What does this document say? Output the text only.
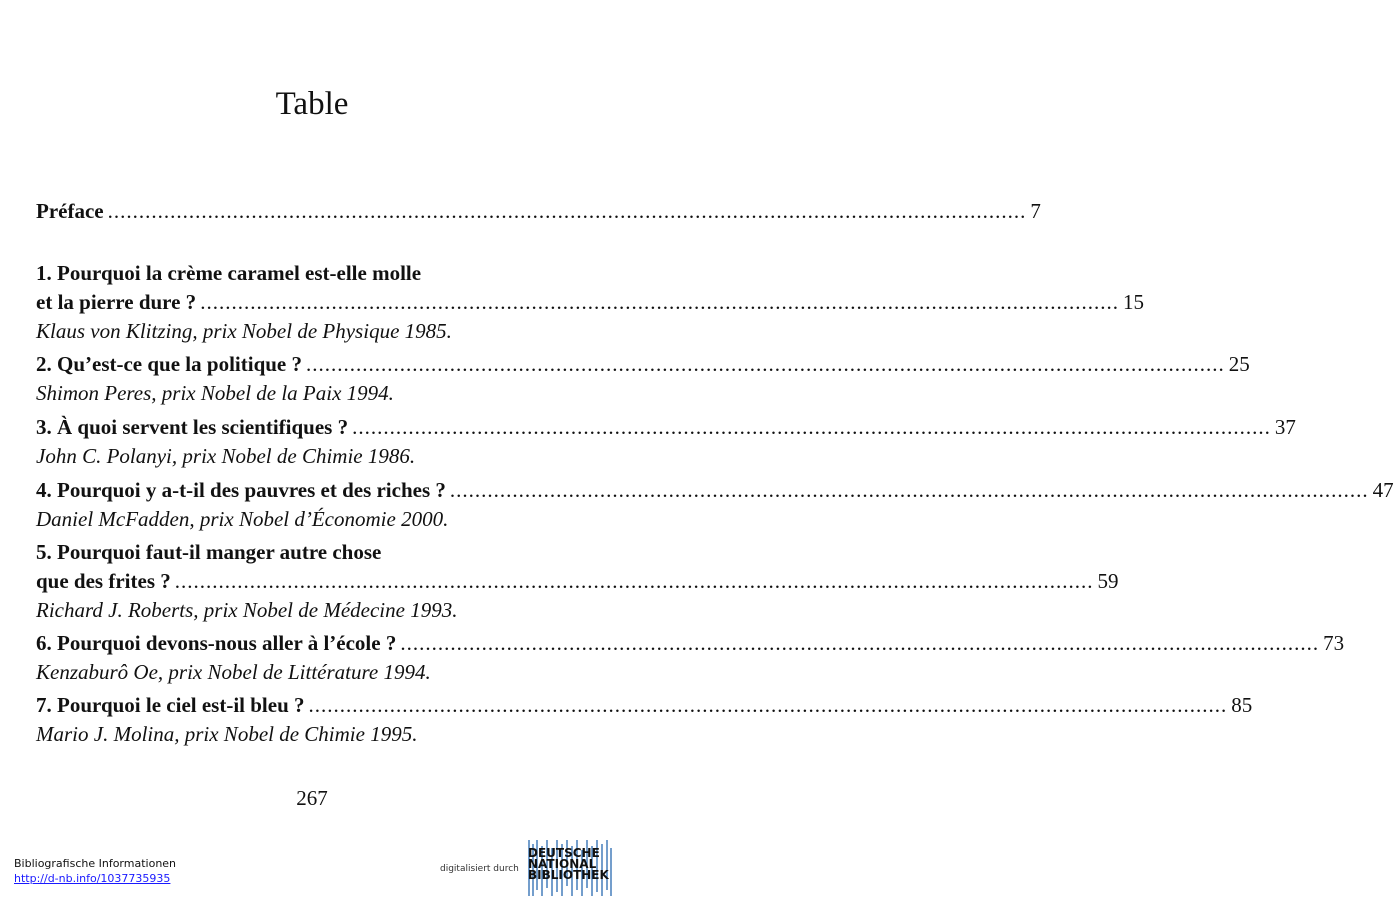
Table
Préface ................................................................................................................................................... 7
1. Pourquoi la crème caramel est-elle molle
et la pierre dure ? ................................................................................................................................................... 15
Klaus von Klitzing, prix Nobel de Physique 1985.
2. Qu’est-ce que la politique ? ................................................................................................................................................... 25
Shimon Peres, prix Nobel de la Paix 1994.
3. À quoi servent les scientifiques ? ................................................................................................................................................... 37
John C. Polanyi, prix Nobel de Chimie 1986.
4. Pourquoi y a-t-il des pauvres et des riches ? ................................................................................................................................................... 47
Daniel McFadden, prix Nobel d’Économie 2000.
5. Pourquoi faut-il manger autre chose
que des frites ? ................................................................................................................................................... 59
Richard J. Roberts, prix Nobel de Médecine 1993.
6. Pourquoi devons-nous aller à l’école ? ................................................................................................................................................... 73
Kenzaburô Oe, prix Nobel de Littérature 1994.
7. Pourquoi le ciel est-il bleu ? ................................................................................................................................................... 85
Mario J. Molina, prix Nobel de Chimie 1995.
267
Bibliografische Informationen
http://d-nb.info/1037735935
digitalisiert durch
DEUTSCHE
NATIONAL
BIBLIOTHEK
